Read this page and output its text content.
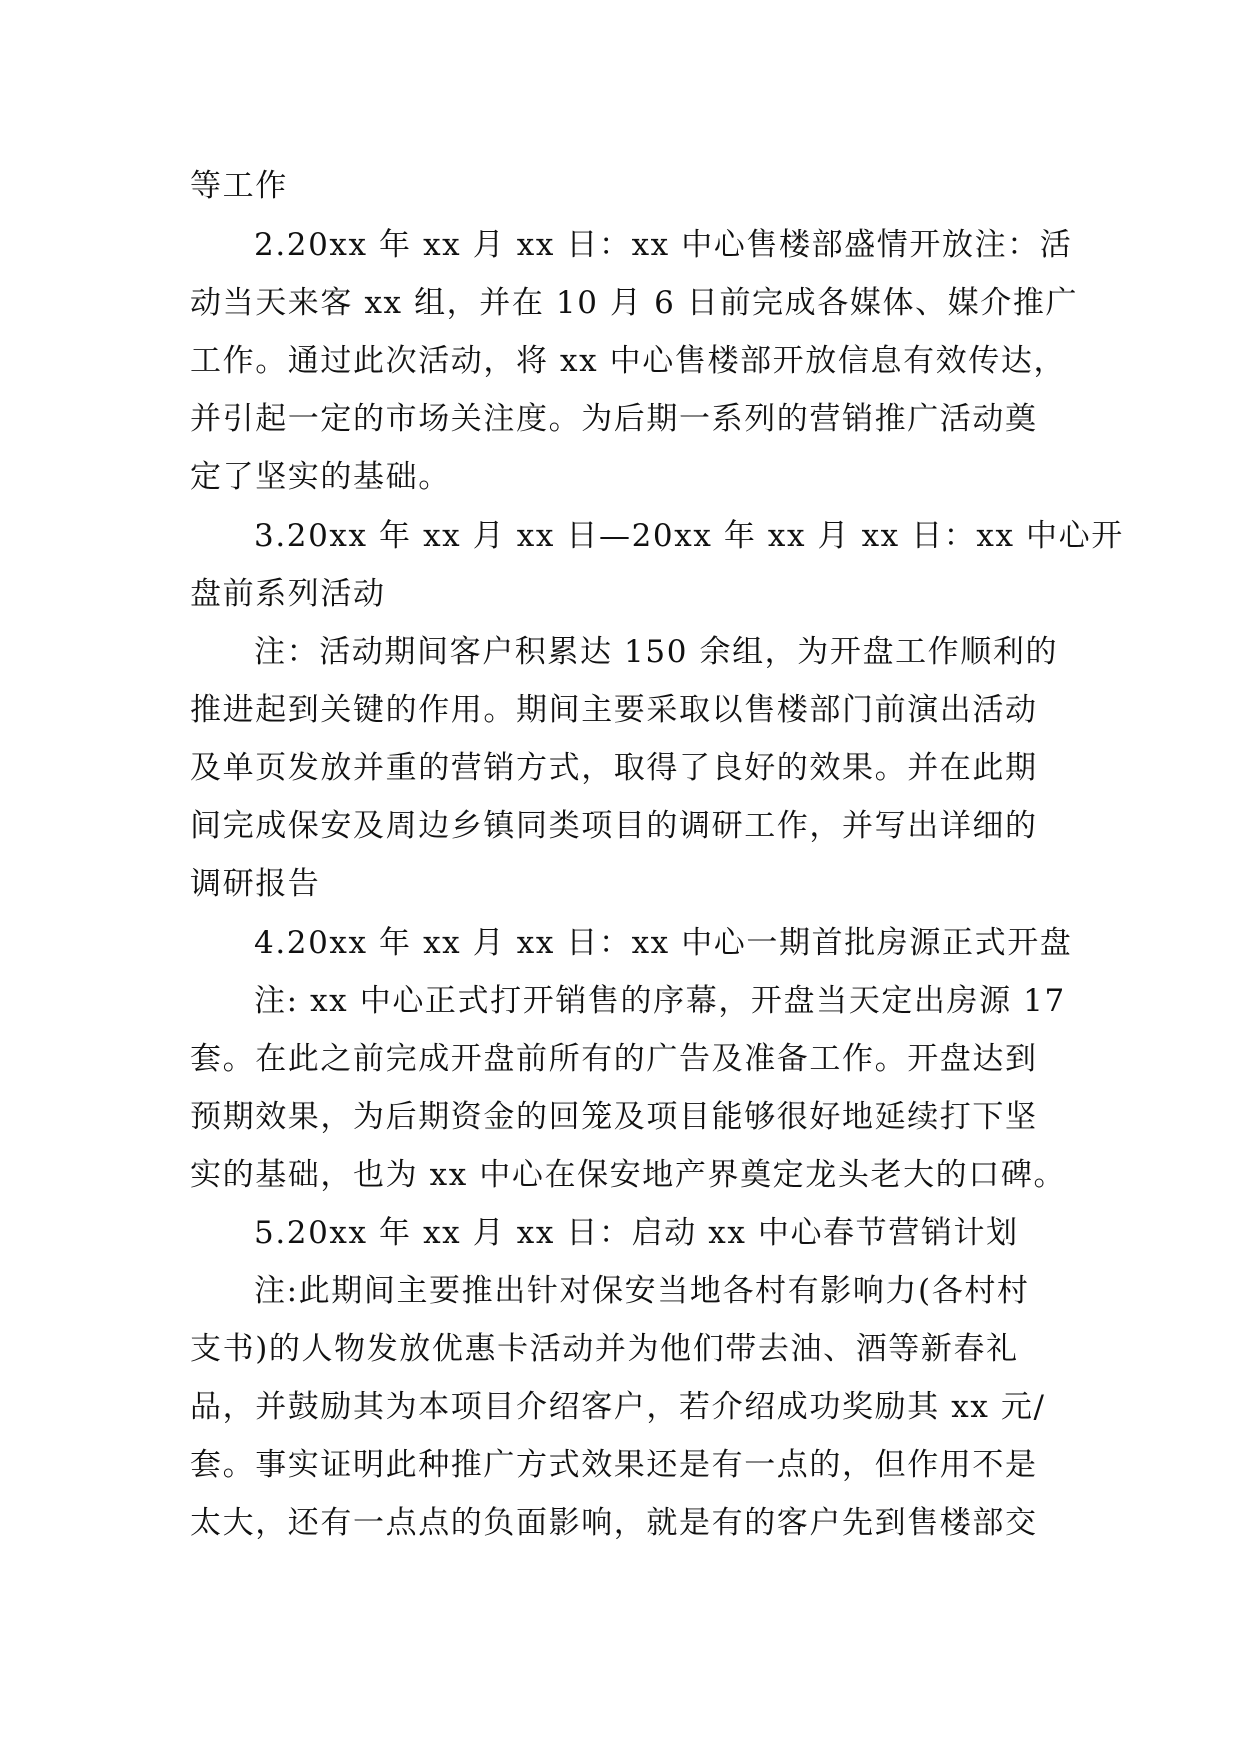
等工作
2.20xx 年 xx 月 xx 日：xx 中心售楼部盛情开放注：活
动当天来客 xx 组，并在 10 月 6 日前完成各媒体、媒介推广
工作。通过此次活动，将 xx 中心售楼部开放信息有效传达，
并引起一定的市场关注度。为后期一系列的营销推广活动奠
定了坚实的基础。
3.20xx 年 xx 月 xx 日—20xx 年 xx 月 xx 日：xx 中心开
盘前系列活动
注：活动期间客户积累达 150 余组，为开盘工作顺利的
推进起到关键的作用。期间主要采取以售楼部门前演出活动
及单页发放并重的营销方式，取得了良好的效果。并在此期
间完成保安及周边乡镇同类项目的调研工作，并写出详细的
调研报告
4.20xx 年 xx 月 xx 日：xx 中心一期首批房源正式开盘
注: xx 中心正式打开销售的序幕，开盘当天定出房源 17
套。在此之前完成开盘前所有的广告及准备工作。开盘达到
预期效果，为后期资金的回笼及项目能够很好地延续打下坚
实的基础，也为 xx 中心在保安地产界奠定龙头老大的口碑。
5.20xx 年 xx 月 xx 日：启动 xx 中心春节营销计划
注:此期间主要推出针对保安当地各村有影响力(各村村
支书)的人物发放优惠卡活动并为他们带去油、酒等新春礼
品，并鼓励其为本项目介绍客户，若介绍成功奖励其 xx 元/
套。事实证明此种推广方式效果还是有一点的，但作用不是
太大，还有一点点的负面影响，就是有的客户先到售楼部交
